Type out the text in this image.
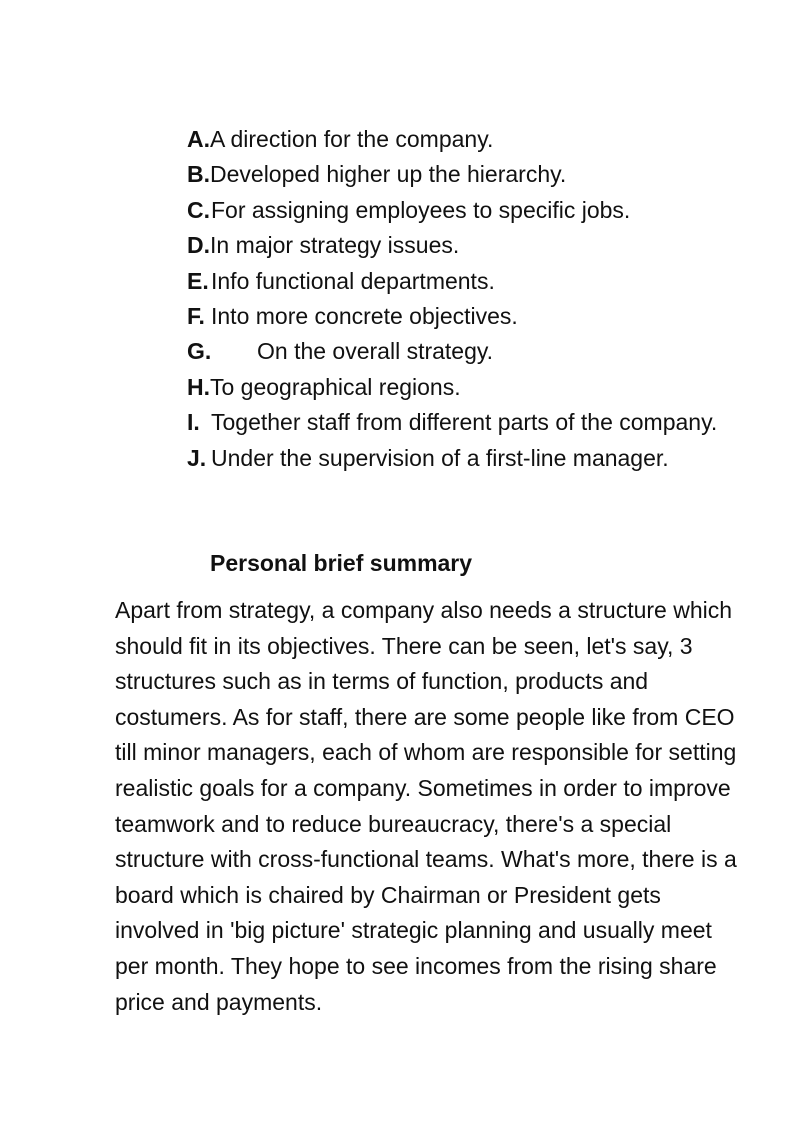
A. A direction for the company.
B. Developed higher up the hierarchy.
C. For assigning employees to specific jobs.
D. In major strategy issues.
E. Info functional departments.
F. Into more concrete objectives.
G.	On the overall strategy.
H. To geographical regions.
I. Together staff from different parts of the company.
J. Under the supervision of a first-line manager.
Personal brief summary

Apart from strategy, a company also needs a structure which should fit in its objectives. There can be seen, let's say, 3 structures such as in terms of function, products and costumers. As for staff, there are some people like from CEO till minor managers, each of whom are responsible for setting realistic goals for a company. Sometimes in order to improve teamwork and to reduce bureaucracy, there's a special structure with cross-functional teams. What's more, there is a board which is chaired by Chairman or President gets involved in 'big picture' strategic planning and usually meet per month. They hope to see incomes from the rising share price and payments.
